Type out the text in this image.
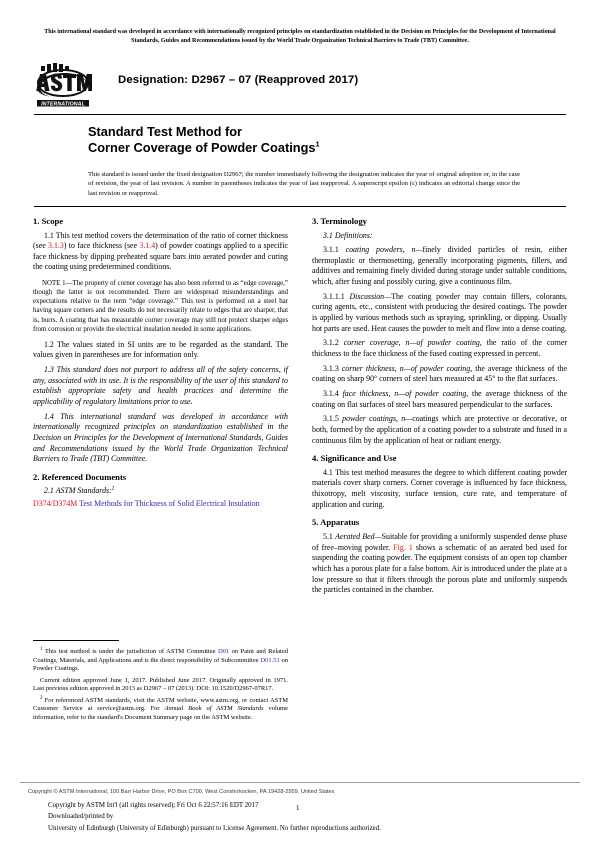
This international standard was developed in accordance with internationally recognized principles on standardization established in the Decision on Principles for the Development of International Standards, Guides and Recommendations issued by the World Trade Organization Technical Barriers to Trade (TBT) Committee.
INTERNATIONAL
Designation: D2967 – 07 (Reapproved 2017)
Standard Test Method for
Corner Coverage of Powder Coatings$^1$
This standard is issued under the fixed designation D2967; the number immediately following the designation indicates the year of original adoption or, in the case of revision, the year of last revision. A number in parentheses indicates the year of last reapproval. A superscript epsilon (ε) indicates an editorial change since the last revision or reapproval.
1. Scope

1.1 This test method covers the determination of the ratio of corner thickness (see 3.1.3) to face thickness (see 3.1.4) of powder coatings applied to a specific face thickness by dipping preheated square bars into aerated powder and curing the coating using predetermined conditions.

NOTE 1—The property of corner coverage has also been referred to as “edge coverage,” though the latter is not recommended. There are widespread misunderstandings and expectations relative to the term “edge coverage.” This test is performed on a steel bar having square corners and the results do not necessarily relate to edges that are sharper, that is, burrs. A coating that has measurable corner coverage may still not protect sharper edges from corrosion or provide the electrical insulation needed in some applications.

1.2 The values stated in SI units are to be regarded as the standard. The values given in parentheses are for information only.

1.3 This standard does not purport to address all of the safety concerns, if any, associated with its use. It is the responsibility of the user of this standard to establish appropriate safety and health practices and determine the applicability of regulatory limitations prior to use.

1.4 This international standard was developed in accordance with internationally recognized principles on standardization established in the Decision on Principles for the Development of International Standards, Guides and Recommendations issued by the World Trade Organization Technical Barriers to Trade (TBT) Committee.

2. Referenced Documents

2.1 ASTM Standards:$^2$

D374/D374M Test Methods for Thickness of Solid Electrical Insulation

3. Terminology

3.1 Definitions:

3.1.1 coating powders, n—finely divided particles of resin, either thermoplastic or thermosetting, generally incorporating pigments, fillers, and additives and remaining finely divided during storage under suitable conditions, which, after fusing and possibly curing, give a continuous film.

3.1.1.1 Discussion—The coating powder may contain fillers, colorants, curing agents, etc., consistent with producing the desired coatings. The powder is applied by various methods such as spraying, sprinkling, or dipping. Usually hot parts are used. Heat causes the powder to melt and flow into a dense coating.

3.1.2 corner coverage, n—of powder coating, the ratio of the corner thickness to the face thickness of the fused coating expressed in percent.

3.1.3 corner thickness, n—of powder coating, the average thickness of the coating on sharp 90° corners of steel bars measured at 45° to the flat surfaces.

3.1.4 face thickness, n—of powder coating, the average thickness of the coating on flat surfaces of steel bars measured perpendicular to the surfaces.

3.1.5 powder coatings, n—coatings which are protective or decorative, or both, formed by the application of a coating powder to a substrate and fused in a continuous film by the application of heat or radiant energy.

4. Significance and Use

4.1 This test method measures the degree to which different coating powder materials cover sharp corners. Corner coverage is influenced by face thickness, thixotropy, melt viscosity, surface tension, cure rate, and temperature of application and curing.

5. Apparatus

5.1 Aerated Bed—Suitable for providing a uniformly suspended dense phase of free–moving powder. Fig. 1 shows a schematic of an aerated bed used for suspending the coating powder. The equipment consists of an open top chamber which has a porous plate for a false bottom. Air is introduced under the plate at a low pressure so that it filters through the porous plate and uniformly suspends the particles contained in the chamber.

$^1$ This test method is under the jurisdiction of ASTM Committee D01 on Paint and Related Coatings, Materials, and Applications and is the direct responsibility of Subcommittee D01.51 on Powder Coatings.

Current edition approved June 1, 2017. Published June 2017. Originally approved in 1971. Last previous edition approved in 2013 as D2967 – 07 (2013). DOI: 10.1520/D2967-07R17.

$^2$ For referenced ASTM standards, visit the ASTM website, www.astm.org, or contact ASTM Customer Service at service@astm.org. For Annual Book of ASTM Standards volume information, refer to the standard's Document Summary page on the ASTM website.

Copyright © ASTM International, 100 Barr Harbor Drive, PO Box C700, West Conshohocken, PA 19428-2959, United States
Copyright by ASTM Int'l (all rights reserved); Fri Oct 6 22:57:16 EDT 2017
Downloaded/printed by
University of Edinburgh (University of Edinburgh) pursuant to License Agreement. No further reproductions authorized.
1
